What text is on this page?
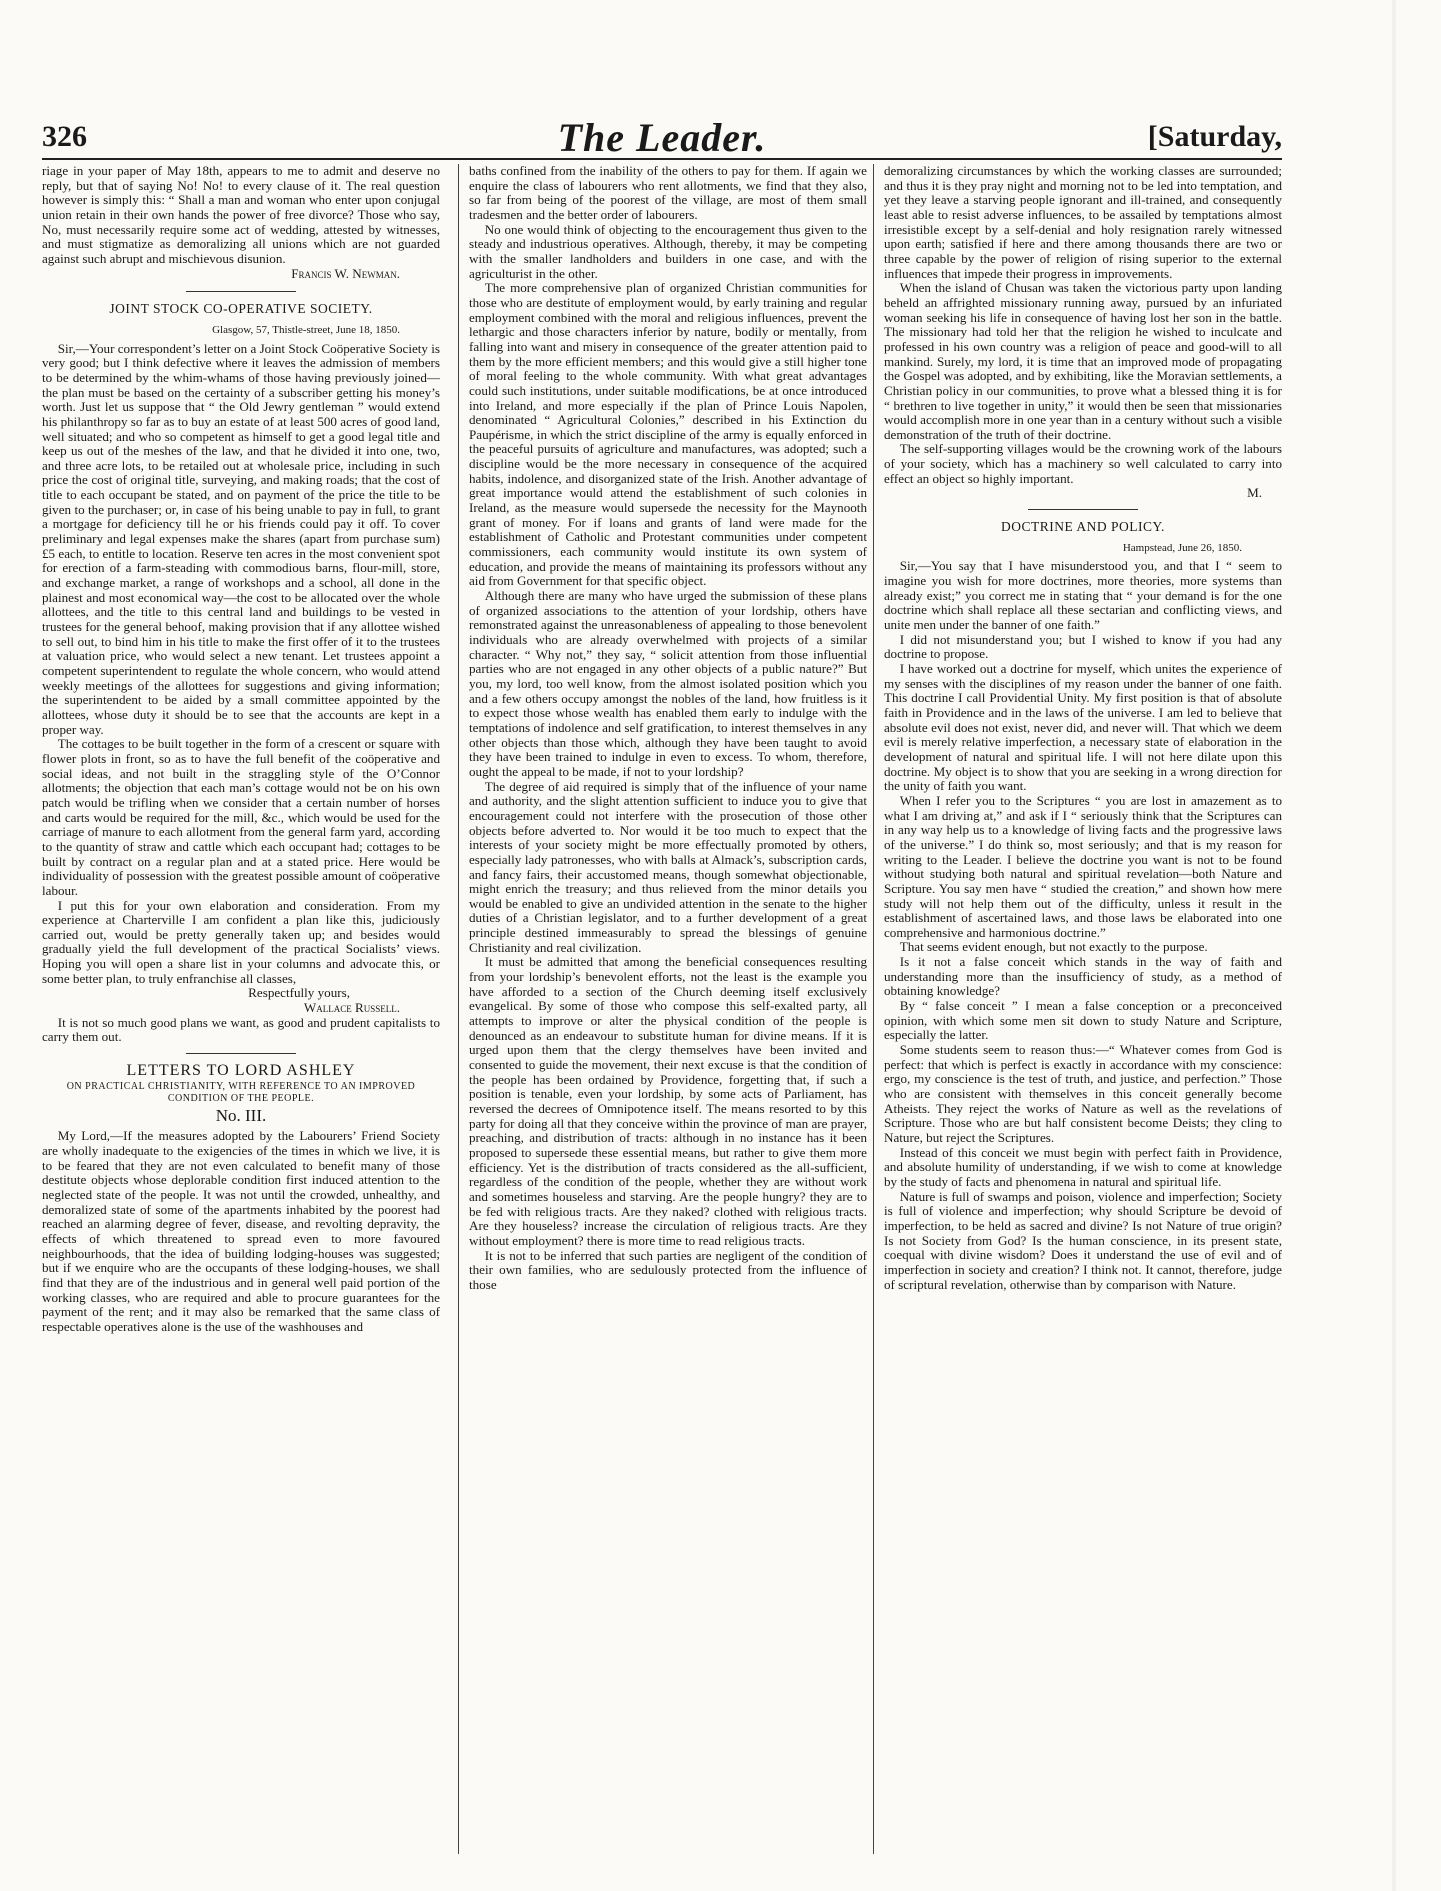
326	The Leader.	[Saturday,

riage in your paper of May 18th, appears to me to admit and deserve no reply, but that of saying No! No! to every clause of it. The real question however is simply this: “ Shall a man and woman who enter upon conjugal union retain in their own hands the power of free divorce? Those who say, No, must necessarily require some act of wedding, attested by witnesses, and must stigmatize as demoralizing all unions which are not guarded against such abrupt and mischievous disunion.

Francis W. Newman.

JOINT STOCK CO-OPERATIVE SOCIETY.

Glasgow, 57, Thistle-street, June 18, 1850.

Sir,—Your correspondent’s letter on a Joint Stock Coöperative Society is very good; but I think defective where it leaves the admission of members to be determined by the whim-whams of those having previously joined—the plan must be based on the certainty of a subscriber getting his money’s worth. Just let us suppose that “ the Old Jewry gentleman ” would extend his philanthropy so far as to buy an estate of at least 500 acres of good land, well situated; and who so competent as himself to get a good legal title and keep us out of the meshes of the law, and that he divided it into one, two, and three acre lots, to be retailed out at wholesale price, including in such price the cost of original title, surveying, and making roads; that the cost of title to each occupant be stated, and on payment of the price the title to be given to the purchaser; or, in case of his being unable to pay in full, to grant a mortgage for deficiency till he or his friends could pay it off. To cover preliminary and legal expenses make the shares (apart from purchase sum) £5 each, to entitle to location. Reserve ten acres in the most convenient spot for erection of a farm-steading with commodious barns, flour-mill, store, and exchange market, a range of workshops and a school, all done in the plainest and most economical way—the cost to be allocated over the whole allottees, and the title to this central land and buildings to be vested in trustees for the general behoof, making provision that if any allottee wished to sell out, to bind him in his title to make the first offer of it to the trustees at valuation price, who would select a new tenant. Let trustees appoint a competent superintendent to regulate the whole concern, who would attend weekly meetings of the allottees for suggestions and giving information; the superintendent to be aided by a small committee appointed by the allottees, whose duty it should be to see that the accounts are kept in a proper way.

The cottages to be built together in the form of a crescent or square with flower plots in front, so as to have the full benefit of the coöperative and social ideas, and not built in the straggling style of the O’Connor allotments; the objection that each man’s cottage would not be on his own patch would be trifling when we consider that a certain number of horses and carts would be required for the mill, &c., which would be used for the carriage of manure to each allotment from the general farm yard, according to the quantity of straw and cattle which each occupant had; cottages to be built by contract on a regular plan and at a stated price. Here would be individuality of possession with the greatest possible amount of coöperative labour.

I put this for your own elaboration and consideration. From my experience at Charterville I am confident a plan like this, judiciously carried out, would be pretty generally taken up; and besides would gradually yield the full development of the practical Socialists’ views. Hoping you will open a share list in your columns and advocate this, or some better plan, to truly enfranchise all classes,

Respectfully yours,

Wallace Russell.

It is not so much good plans we want, as good and prudent capitalists to carry them out.

LETTERS TO LORD ASHLEY

ON PRACTICAL CHRISTIANITY, WITH REFERENCE TO AN IMPROVED CONDITION OF THE PEOPLE.

No. III.

My Lord,—If the measures adopted by the Labourers’ Friend Society are wholly inadequate to the exigencies of the times in which we live, it is to be feared that they are not even calculated to benefit many of those destitute objects whose deplorable condition first induced attention to the neglected state of the people. It was not until the crowded, unhealthy, and demoralized state of some of the apartments inhabited by the poorest had reached an alarming degree of fever, disease, and revolting depravity, the effects of which threatened to spread even to more favoured neighbourhoods, that the idea of building lodging-houses was suggested; but if we enquire who are the occupants of these lodging-houses, we shall find that they are of the industrious and in general well paid portion of the working classes, who are required and able to procure guarantees for the payment of the rent; and it may also be remarked that the same class of respectable operatives alone is the use of the washhouses and

baths confined from the inability of the others to pay for them. If again we enquire the class of labourers who rent allotments, we find that they also, so far from being of the poorest of the village, are most of them small tradesmen and the better order of labourers.

No one would think of objecting to the encouragement thus given to the steady and industrious operatives. Although, thereby, it may be competing with the smaller landholders and builders in one case, and with the agriculturist in the other.

The more comprehensive plan of organized Christian communities for those who are destitute of employment would, by early training and regular employment combined with the moral and religious influences, prevent the lethargic and those characters inferior by nature, bodily or mentally, from falling into want and misery in consequence of the greater attention paid to them by the more efficient members; and this would give a still higher tone of moral feeling to the whole community. With what great advantages could such institutions, under suitable modifications, be at once introduced into Ireland, and more especially if the plan of Prince Louis Napolen, denominated “ Agricultural Colonies,” described in his Extinction du Paupérisme, in which the strict discipline of the army is equally enforced in the peaceful pursuits of agriculture and manufactures, was adopted; such a discipline would be the more necessary in consequence of the acquired habits, indolence, and disorganized state of the Irish. Another advantage of great importance would attend the establishment of such colonies in Ireland, as the measure would supersede the necessity for the Maynooth grant of money. For if loans and grants of land were made for the establishment of Catholic and Protestant communities under competent commissioners, each community would institute its own system of education, and provide the means of maintaining its professors without any aid from Government for that specific object.

Although there are many who have urged the submission of these plans of organized associations to the attention of your lordship, others have remonstrated against the unreasonableness of appealing to those benevolent individuals who are already overwhelmed with projects of a similar character. “ Why not,” they say, “ solicit attention from those influential parties who are not engaged in any other objects of a public nature?” But you, my lord, too well know, from the almost isolated position which you and a few others occupy amongst the nobles of the land, how fruitless is it to expect those whose wealth has enabled them early to indulge with the temptations of indolence and self gratification, to interest themselves in any other objects than those which, although they have been taught to avoid they have been trained to indulge in even to excess. To whom, therefore, ought the appeal to be made, if not to your lordship?

The degree of aid required is simply that of the influence of your name and authority, and the slight attention sufficient to induce you to give that encouragement could not interfere with the prosecution of those other objects before adverted to. Nor would it be too much to expect that the interests of your society might be more effectually promoted by others, especially lady patronesses, who with balls at Almack’s, subscription cards, and fancy fairs, their accustomed means, though somewhat objectionable, might enrich the treasury; and thus relieved from the minor details you would be enabled to give an undivided attention in the senate to the higher duties of a Christian legislator, and to a further development of a great principle destined immeasurably to spread the blessings of genuine Christianity and real civilization.

It must be admitted that among the beneficial consequences resulting from your lordship’s benevolent efforts, not the least is the example you have afforded to a section of the Church deeming itself exclusively evangelical. By some of those who compose this self-exalted party, all attempts to improve or alter the physical condition of the people is denounced as an endeavour to substitute human for divine means. If it is urged upon them that the clergy themselves have been invited and consented to guide the movement, their next excuse is that the condition of the people has been ordained by Providence, forgetting that, if such a position is tenable, even your lordship, by some acts of Parliament, has reversed the decrees of Omnipotence itself. The means resorted to by this party for doing all that they conceive within the province of man are prayer, preaching, and distribution of tracts: although in no instance has it been proposed to supersede these essential means, but rather to give them more efficiency. Yet is the distribution of tracts considered as the all-sufficient, regardless of the condition of the people, whether they are without work and sometimes houseless and starving. Are the people hungry? they are to be fed with religious tracts. Are they naked? clothed with religious tracts. Are they houseless? increase the circulation of religious tracts. Are they without employment? there is more time to read religious tracts.

It is not to be inferred that such parties are negligent of the condition of their own families, who are sedulously protected from the influence of those

demoralizing circumstances by which the working classes are surrounded; and thus it is they pray night and morning not to be led into temptation, and yet they leave a starving people ignorant and ill-trained, and consequently least able to resist adverse influences, to be assailed by temptations almost irresistible except by a self-denial and holy resignation rarely witnessed upon earth; satisfied if here and there among thousands there are two or three capable by the power of religion of rising superior to the external influences that impede their progress in improvements.

When the island of Chusan was taken the victorious party upon landing beheld an affrighted missionary running away, pursued by an infuriated woman seeking his life in consequence of having lost her son in the battle. The missionary had told her that the religion he wished to inculcate and professed in his own country was a religion of peace and good-will to all mankind. Surely, my lord, it is time that an improved mode of propagating the Gospel was adopted, and by exhibiting, like the Moravian settlements, a Christian policy in our communities, to prove what a blessed thing it is for “ brethren to live together in unity,” it would then be seen that missionaries would accomplish more in one year than in a century without such a visible demonstration of the truth of their doctrine.

The self-supporting villages would be the crowning work of the labours of your society, which has a machinery so well calculated to carry into effect an object so highly important.

M.

DOCTRINE AND POLICY.

Hampstead, June 26, 1850.

Sir,—You say that I have misunderstood you, and that I “ seem to imagine you wish for more doctrines, more theories, more systems than already exist;” you correct me in stating that “ your demand is for the one doctrine which shall replace all these sectarian and conflicting views, and unite men under the banner of one faith.”

I did not misunderstand you; but I wished to know if you had any doctrine to propose.

I have worked out a doctrine for myself, which unites the experience of my senses with the disciplines of my reason under the banner of one faith. This doctrine I call Providential Unity. My first position is that of absolute faith in Providence and in the laws of the universe. I am led to believe that absolute evil does not exist, never did, and never will. That which we deem evil is merely relative imperfection, a necessary state of elaboration in the development of natural and spiritual life. I will not here dilate upon this doctrine. My object is to show that you are seeking in a wrong direction for the unity of faith you want.

When I refer you to the Scriptures “ you are lost in amazement as to what I am driving at,” and ask if I “ seriously think that the Scriptures can in any way help us to a knowledge of living facts and the progressive laws of the universe.” I do think so, most seriously; and that is my reason for writing to the Leader. I believe the doctrine you want is not to be found without studying both natural and spiritual revelation—both Nature and Scripture. You say men have “ studied the creation,” and shown how mere study will not help them out of the difficulty, unless it result in the establishment of ascertained laws, and those laws be elaborated into one comprehensive and harmonious doctrine.”

That seems evident enough, but not exactly to the purpose.

Is it not a false conceit which stands in the way of faith and understanding more than the insufficiency of study, as a method of obtaining knowledge?

By “ false conceit ” I mean a false conception or a preconceived opinion, with which some men sit down to study Nature and Scripture, especially the latter.

Some students seem to reason thus:—“ Whatever comes from God is perfect: that which is perfect is exactly in accordance with my conscience: ergo, my conscience is the test of truth, and justice, and perfection.” Those who are consistent with themselves in this conceit generally become Atheists. They reject the works of Nature as well as the revelations of Scripture. Those who are but half consistent become Deists; they cling to Nature, but reject the Scriptures.

Instead of this conceit we must begin with perfect faith in Providence, and absolute humility of understanding, if we wish to come at knowledge by the study of facts and phenomena in natural and spiritual life.

Nature is full of swamps and poison, violence and imperfection; Society is full of violence and imperfection; why should Scripture be devoid of imperfection, to be held as sacred and divine? Is not Nature of true origin? Is not Society from God? Is the human conscience, in its present state, coequal with divine wisdom? Does it understand the use of evil and of imperfection in society and creation? I think not. It cannot, therefore, judge of scriptural revelation, otherwise than by comparison with Nature.
